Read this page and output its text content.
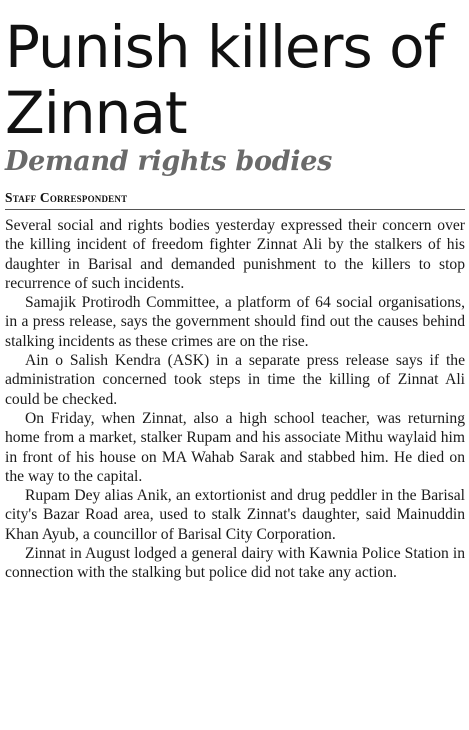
Punish killers of Zinnat
Demand rights bodies
Staff Correspondent

Several social and rights bodies yesterday expressed their concern over the killing incident of freedom fighter Zinnat Ali by the stalkers of his daughter in Barisal and demanded punishment to the killers to stop recurrence of such incidents.

Samajik Protirodh Committee, a platform of 64 social organisations, in a press release, says the government should find out the causes behind stalking incidents as these crimes are on the rise.

Ain o Salish Kendra (ASK) in a separate press release says if the administration concerned took steps in time the killing of Zinnat Ali could be checked.

On Friday, when Zinnat, also a high school teacher, was returning home from a market, stalker Rupam and his associate Mithu waylaid him in front of his house on MA Wahab Sarak and stabbed him. He died on the way to the capital.

Rupam Dey alias Anik, an extortionist and drug peddler in the Barisal city's Bazar Road area, used to stalk Zinnat's daughter, said Mainuddin Khan Ayub, a councillor of Barisal City Corporation.

Zinnat in August lodged a general dairy with Kawnia Police Station in connection with the stalking but police did not take any action.
